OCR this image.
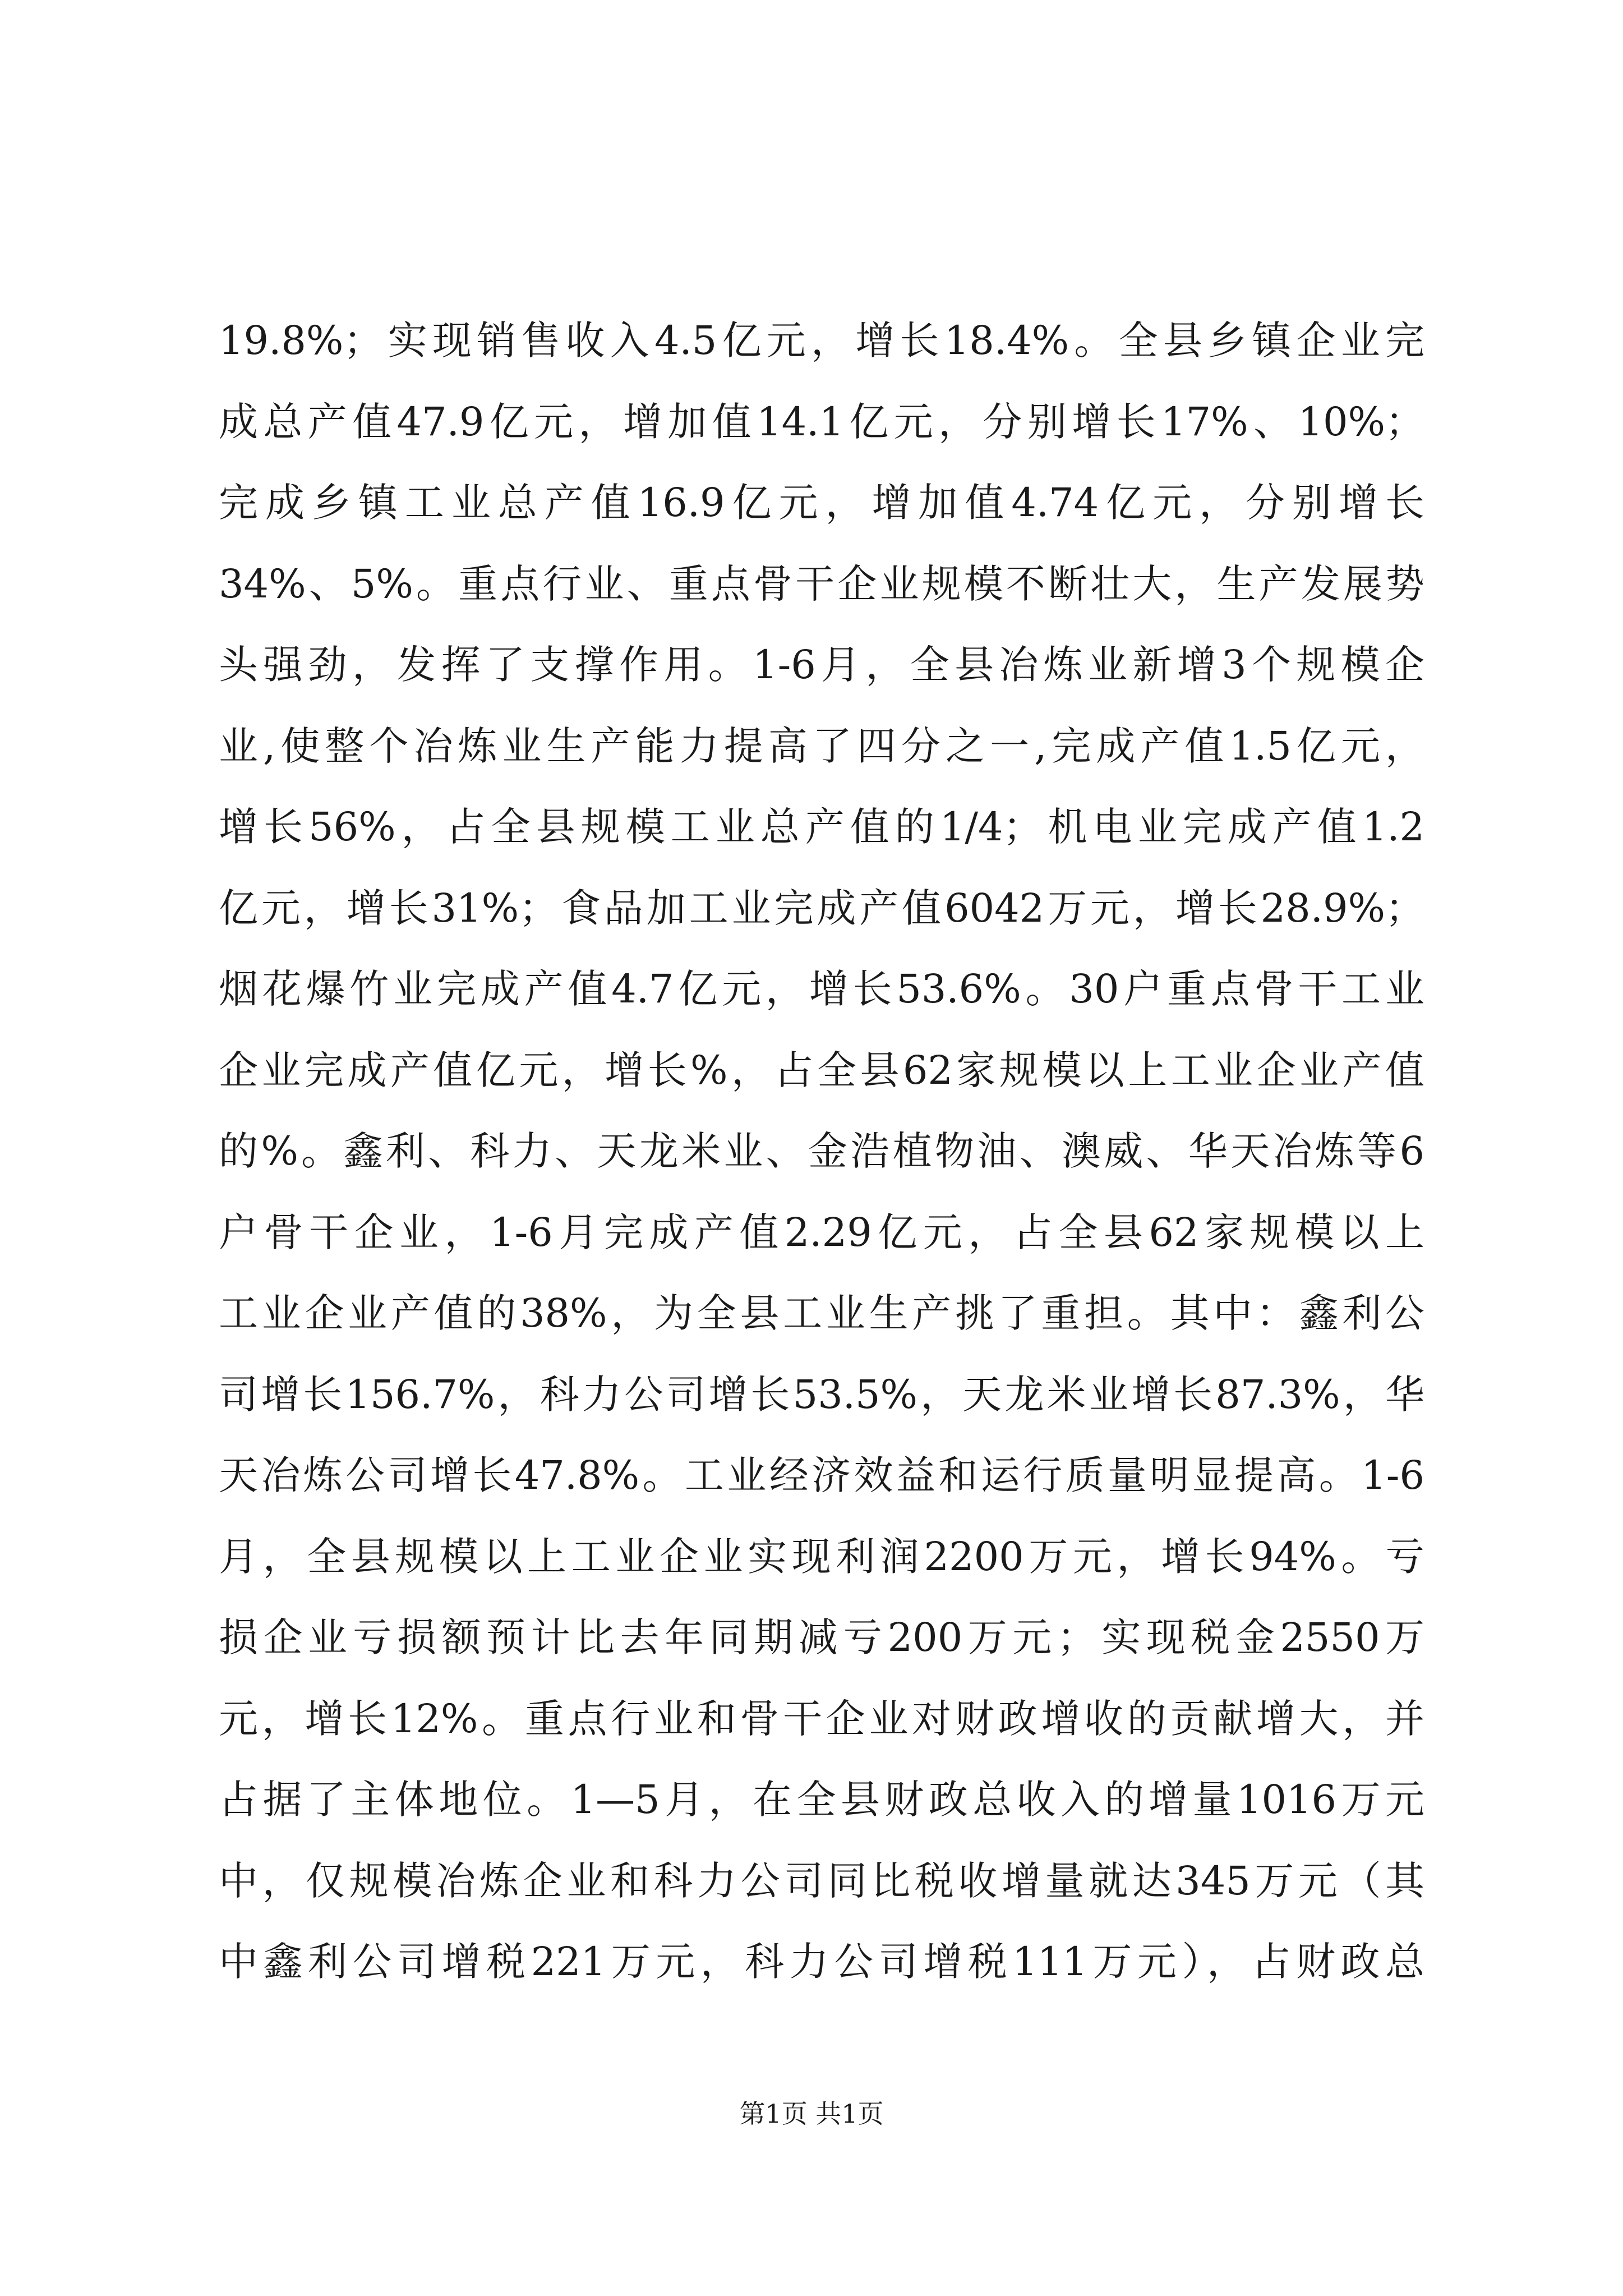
19.8%；实现销售收入4.5亿元，增长18.4%。全县乡镇企业完
成总产值47.9亿元，增加值14.1亿元，分别增长17%、10%；
完成乡镇工业总产值16.9亿元，增加值4.74亿元，分别增长
34%、5%。重点行业、重点骨干企业规模不断壮大，生产发展势
头强劲，发挥了支撑作用。1-6月，全县冶炼业新增3个规模企
业,使整个冶炼业生产能力提高了四分之一,完成产值1.5亿元，
增长56%，占全县规模工业总产值的1/4；机电业完成产值1.2
亿元，增长31%；食品加工业完成产值6042万元，增长28.9%；
烟花爆竹业完成产值4.7亿元，增长53.6%。30户重点骨干工业
企业完成产值亿元，增长%，占全县62家规模以上工业企业产值
的%。鑫利、科力、天龙米业、金浩植物油、澳威、华天冶炼等6
户骨干企业，1-6月完成产值2.29亿元，占全县62家规模以上
工业企业产值的38%，为全县工业生产挑了重担。其中：鑫利公
司增长156.7%，科力公司增长53.5%，天龙米业增长87.3%，华
天冶炼公司增长47.8%。工业经济效益和运行质量明显提高。1-6
月，全县规模以上工业企业实现利润2200万元，增长94%。亏
损企业亏损额预计比去年同期减亏200万元；实现税金2550万
元，增长12%。重点行业和骨干企业对财政增收的贡献增大，并
占据了主体地位。1—5月，在全县财政总收入的增量1016万元
中，仅规模冶炼企业和科力公司同比税收增量就达345万元（其
中鑫利公司增税221万元，科力公司增税111万元），占财政总
第1页 共1页
